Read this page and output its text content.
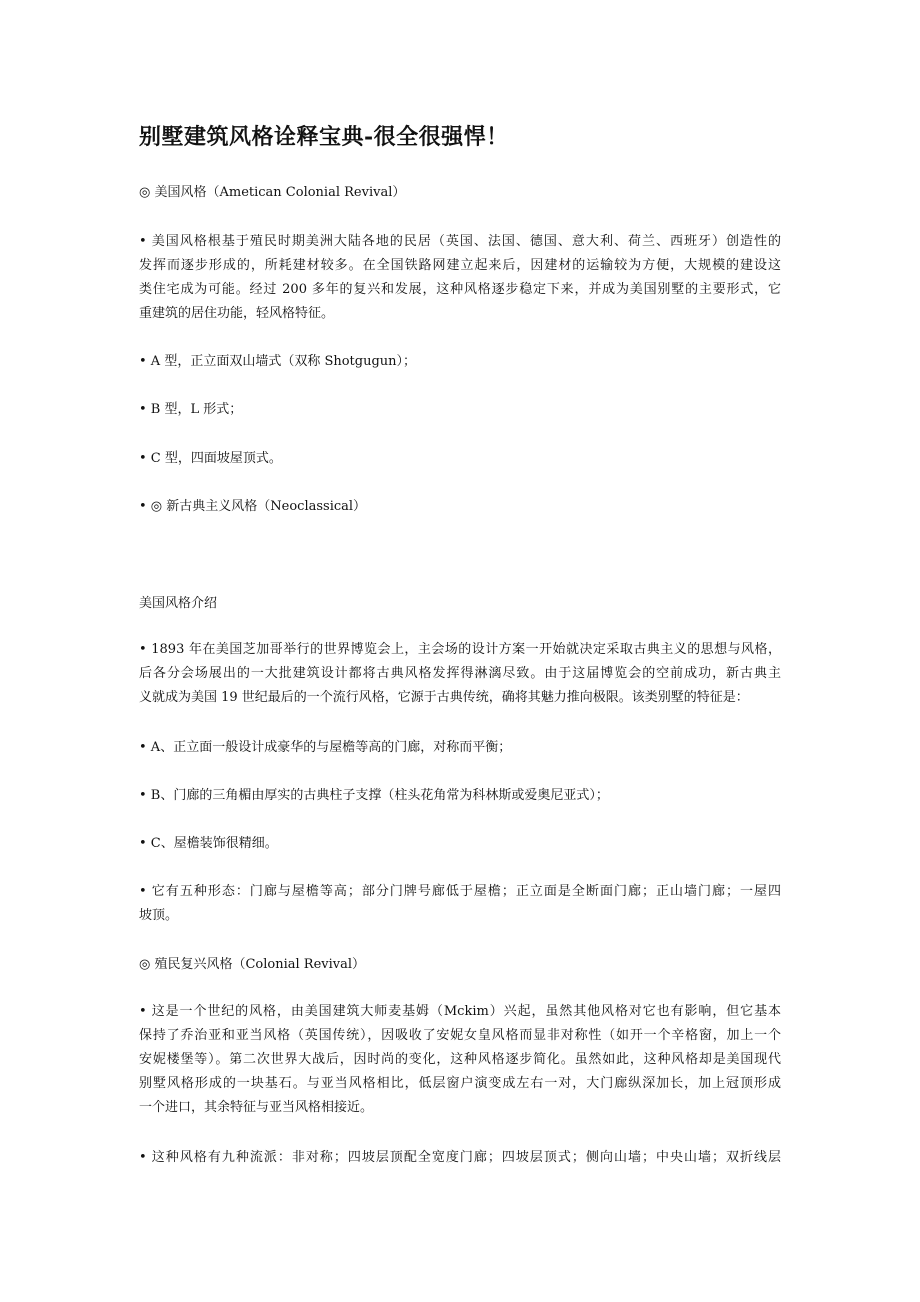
别墅建筑风格诠释宝典-很全很强悍！
◎ 美国风格（Ametican Colonial Revival）
• 美国风格根基于殖民时期美洲大陆各地的民居（英国、法国、德国、意大利、荷兰、西班牙）创造性的
发挥而逐步形成的，所耗建材较多。在全国铁路网建立起来后，因建材的运输较为方便，大规模的建设这
类住宅成为可能。经过 200 多年的复兴和发展，这种风格逐步稳定下来，并成为美国别墅的主要形式，它
重建筑的居住功能，轻风格特征。
• A 型，正立面双山墙式（双称 Shotgugun）；
• B 型，L 形式；
• C 型，四面坡屋顶式。
• ◎ 新古典主义风格（Neoclassical）
美国风格介绍
• 1893 年在美国芝加哥举行的世界博览会上，主会场的设计方案一开始就决定采取古典主义的思想与风格，
后各分会场展出的一大批建筑设计都将古典风格发挥得淋漓尽致。由于这届博览会的空前成功，新古典主
义就成为美国 19 世纪最后的一个流行风格，它源于古典传统，确将其魅力推向极限。该类别墅的特征是：
• A、正立面一般设计成豪华的与屋檐等高的门廊，对称而平衡；
• B、门廊的三角楣由厚实的古典柱子支撑（柱头花角常为科林斯或爱奥尼亚式）；
• C、屋檐装饰很精细。
• 它有五种形态：门廊与屋檐等高；部分门牌号廊低于屋檐；正立面是全断面门廊；正山墙门廊；一屋四
坡顶。
◎ 殖民复兴风格（Colonial Revival）
• 这是一个世纪的风格，由美国建筑大师麦基姆（Mckim）兴起，虽然其他风格对它也有影响，但它基本
保持了乔治亚和亚当风格（英国传统），因吸收了安妮女皇风格而显非对称性（如开一个辛格窗，加上一个
安妮楼堡等）。第二次世界大战后，因时尚的变化，这种风格逐步简化。虽然如此，这种风格却是美国现代
别墅风格形成的一块基石。与亚当风格相比，低层窗户演变成左右一对，大门廊纵深加长，加上冠顶形成
一个进口，其余特征与亚当风格相接近。
• 这种风格有九种流派：非对称；四坡层顶配全宽度门廊；四坡层顶式；侧向山墙；中央山墙；双折线层
